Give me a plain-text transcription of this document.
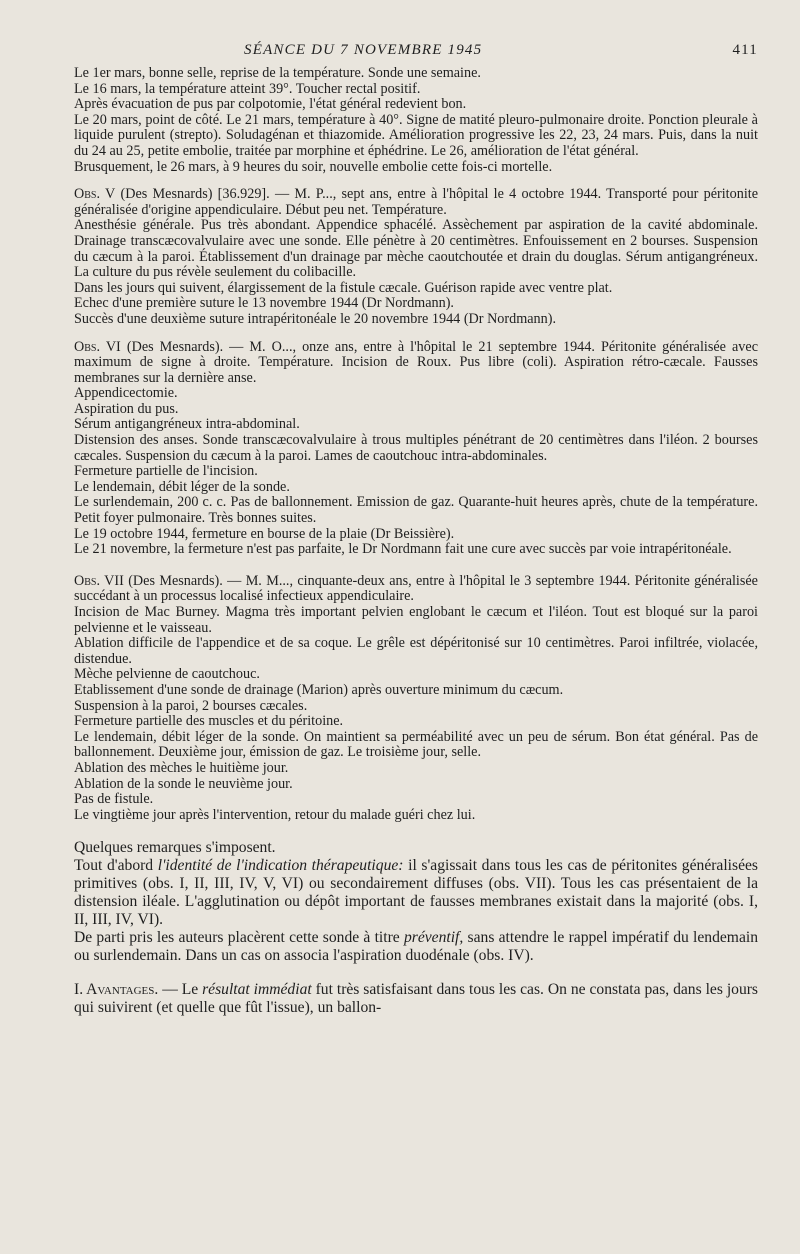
SÉANCE DU 7 NOVEMBRE 1945	411

Le 1er mars, bonne selle, reprise de la température. Sonde une semaine.

Le 16 mars, la température atteint 39°. Toucher rectal positif.

Après évacuation de pus par colpotomie, l'état général redevient bon.

Le 20 mars, point de côté. Le 21 mars, température à 40°. Signe de matité pleuro-pulmonaire droite. Ponction pleurale à liquide purulent (strepto). Soludagénan et thiazomide. Amélioration progressive les 22, 23, 24 mars. Puis, dans la nuit du 24 au 25, petite embolie, traitée par morphine et éphédrine. Le 26, amélioration de l'état général.

Brusquement, le 26 mars, à 9 heures du soir, nouvelle embolie cette fois-ci mortelle.

Obs. V (Des Mesnards) [36.929]. — M. P..., sept ans, entre à l'hôpital le 4 octobre 1944. Transporté pour péritonite généralisée d'origine appendiculaire. Début peu net. Température.

Anesthésie générale. Pus très abondant. Appendice sphacélé. Assèchement par aspiration de la cavité abdominale. Drainage transcæcovalvulaire avec une sonde. Elle pénètre à 20 centimètres. Enfouissement en 2 bourses. Suspension du cæcum à la paroi. Établissement d'un drainage par mèche caoutchoutée et drain du douglas. Sérum antigangréneux. La culture du pus révèle seulement du colibacille.

Dans les jours qui suivent, élargissement de la fistule cæcale. Guérison rapide avec ventre plat.

Echec d'une première suture le 13 novembre 1944 (Dr Nordmann).

Succès d'une deuxième suture intrapéritonéale le 20 novembre 1944 (Dr Nordmann).

Obs. VI (Des Mesnards). — M. O..., onze ans, entre à l'hôpital le 21 septembre 1944. Péritonite généralisée avec maximum de signe à droite. Température. Incision de Roux. Pus libre (coli). Aspiration rétro-cæcale. Fausses membranes sur la dernière anse.

Appendicectomie.

Aspiration du pus.

Sérum antigangréneux intra-abdominal.

Distension des anses. Sonde transcæcovalvulaire à trous multiples pénétrant de 20 centimètres dans l'iléon. 2 bourses cæcales. Suspension du cæcum à la paroi. Lames de caoutchouc intra-abdominales.

Fermeture partielle de l'incision.

Le lendemain, débit léger de la sonde.

Le surlendemain, 200 c. c. Pas de ballonnement. Emission de gaz. Quarante-huit heures après, chute de la température. Petit foyer pulmonaire. Très bonnes suites.

Le 19 octobre 1944, fermeture en bourse de la plaie (Dr Beissière).

Le 21 novembre, la fermeture n'est pas parfaite, le Dr Nordmann fait une cure avec succès par voie intrapéritonéale.

Obs. VII (Des Mesnards). — M. M..., cinquante-deux ans, entre à l'hôpital le 3 septembre 1944. Péritonite généralisée succédant à un processus localisé infectieux appendiculaire.

Incision de Mac Burney. Magma très important pelvien englobant le cæcum et l'iléon. Tout est bloqué sur la paroi pelvienne et le vaisseau.

Ablation difficile de l'appendice et de sa coque. Le grêle est dépéritonisé sur 10 centimètres. Paroi infiltrée, violacée, distendue.

Mèche pelvienne de caoutchouc.

Etablissement d'une sonde de drainage (Marion) après ouverture minimum du cæcum.

Suspension à la paroi, 2 bourses cæcales.

Fermeture partielle des muscles et du péritoine.

Le lendemain, débit léger de la sonde. On maintient sa perméabilité avec un peu de sérum. Bon état général. Pas de ballonnement. Deuxième jour, émission de gaz. Le troisième jour, selle.

Ablation des mèches le huitième jour.

Ablation de la sonde le neuvième jour.

Pas de fistule.

Le vingtième jour après l'intervention, retour du malade guéri chez lui.

Quelques remarques s'imposent.

Tout d'abord l'identité de l'indication thérapeutique: il s'agissait dans tous les cas de péritonites généralisées primitives (obs. I, II, III, IV, V, VI) ou secondairement diffuses (obs. VII). Tous les cas présentaient de la distension iléale. L'agglutination ou dépôt important de fausses membranes existait dans la majorité (obs. I, II, III, IV, VI).

De parti pris les auteurs placèrent cette sonde à titre préventif, sans attendre le rappel impératif du lendemain ou surlendemain. Dans un cas on associa l'aspiration duodénale (obs. IV).

I. Avantages. — Le résultat immédiat fut très satisfaisant dans tous les cas. On ne constata pas, dans les jours qui suivirent (et quelle que fût l'issue), un ballon-
